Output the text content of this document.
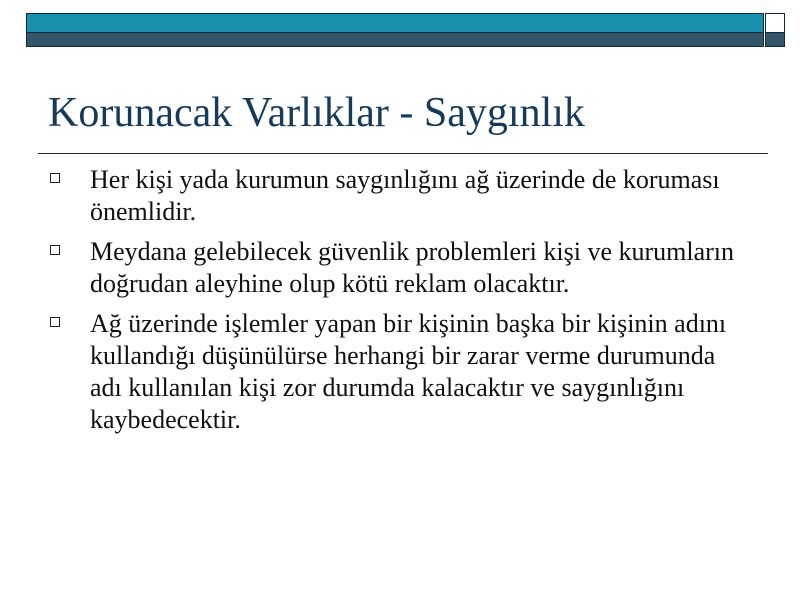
Korunacak Varlıklar - Saygınlık
Her kişi yada kurumun saygınlığını ağ üzerinde de koruması önemlidir.
Meydana gelebilecek güvenlik problemleri kişi ve kurumların doğrudan aleyhine olup kötü reklam olacaktır.
Ağ üzerinde işlemler yapan bir kişinin başka bir kişinin adını kullandığı düşünülürse herhangi bir zarar verme durumunda adı kullanılan kişi zor durumda kalacaktır ve saygınlığını kaybedecektir.
